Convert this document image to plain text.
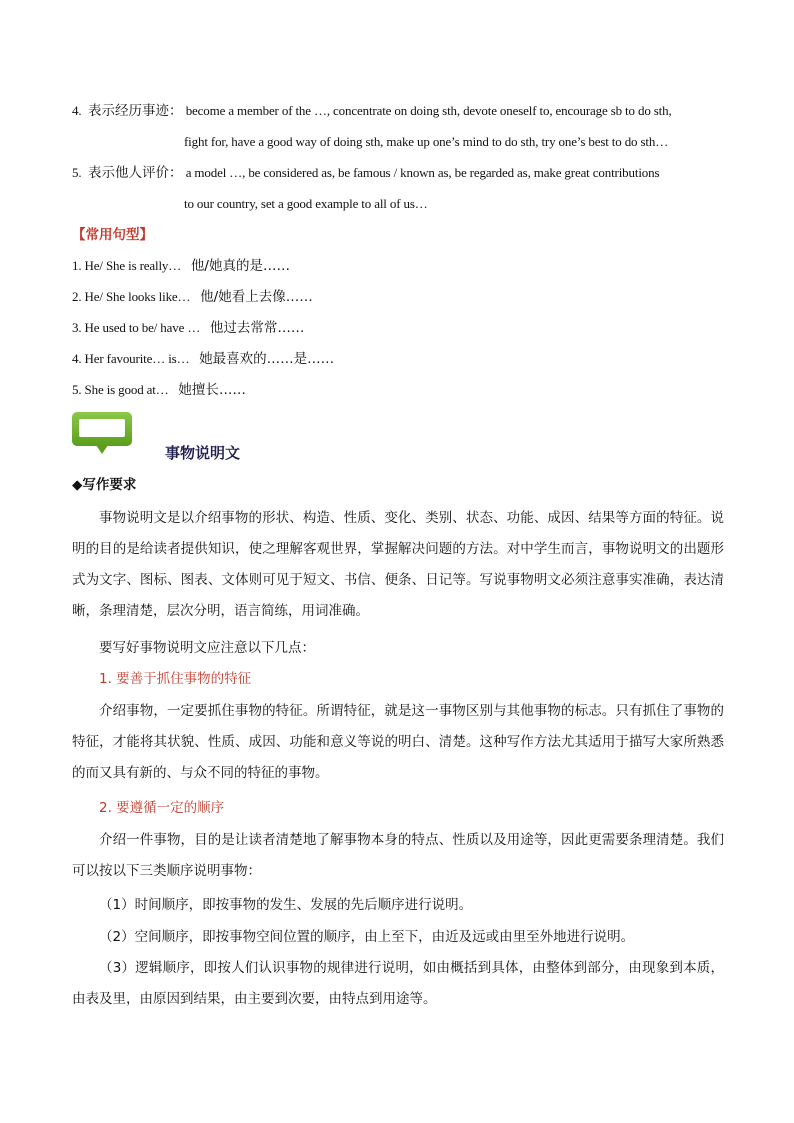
4. 表示经历事迹： become a member of the …, concentrate on doing sth, devote oneself to, encourage sb to do sth,
fight for, have a good way of doing sth, make up one’s mind to do sth, try one’s best to do sth…
5. 表示他人评价： a model …, be considered as, be famous / known as, be regarded as, make great contributions
to our country, set a good example to all of us…
【常用句型】
1. He/ She is really… 他/她真的是……
2. He/ She looks like… 他/她看上去像……
3. He used to be/ have … 他过去常常……
4. Her favourite… is… 她最喜欢的……是……
5. She is good at… 她擅长……
事物说明文
◆写作要求
事物说明文是以介绍事物的形状、构造、性质、变化、类别、状态、功能、成因、结果等方面的特征。说明的目的是给读者提供知识，使之理解客观世界，掌握解决问题的方法。对中学生而言，事物说明文的出题形式为文字、图标、图表、文体则可见于短文、书信、便条、日记等。写说事物明文必须注意事实准确，表达清晰，条理清楚，层次分明，语言简练，用词准确。
要写好事物说明文应注意以下几点：
1. 要善于抓住事物的特征
介绍事物，一定要抓住事物的特征。所谓特征，就是这一事物区别与其他事物的标志。只有抓住了事物的特征，才能将其状貌、性质、成因、功能和意义等说的明白、清楚。这种写作方法尤其适用于描写大家所熟悉的而又具有新的、与众不同的特征的事物。
2. 要遵循一定的顺序
介绍一件事物，目的是让读者清楚地了解事物本身的特点、性质以及用途等，因此更需要条理清楚。我们可以按以下三类顺序说明事物：
（1）时间顺序，即按事物的发生、发展的先后顺序进行说明。
（2）空间顺序，即按事物空间位置的顺序，由上至下，由近及远或由里至外地进行说明。
（3）逻辑顺序，即按人们认识事物的规律进行说明，如由概括到具体，由整体到部分，由现象到本质，由表及里，由原因到结果，由主要到次要，由特点到用途等。
